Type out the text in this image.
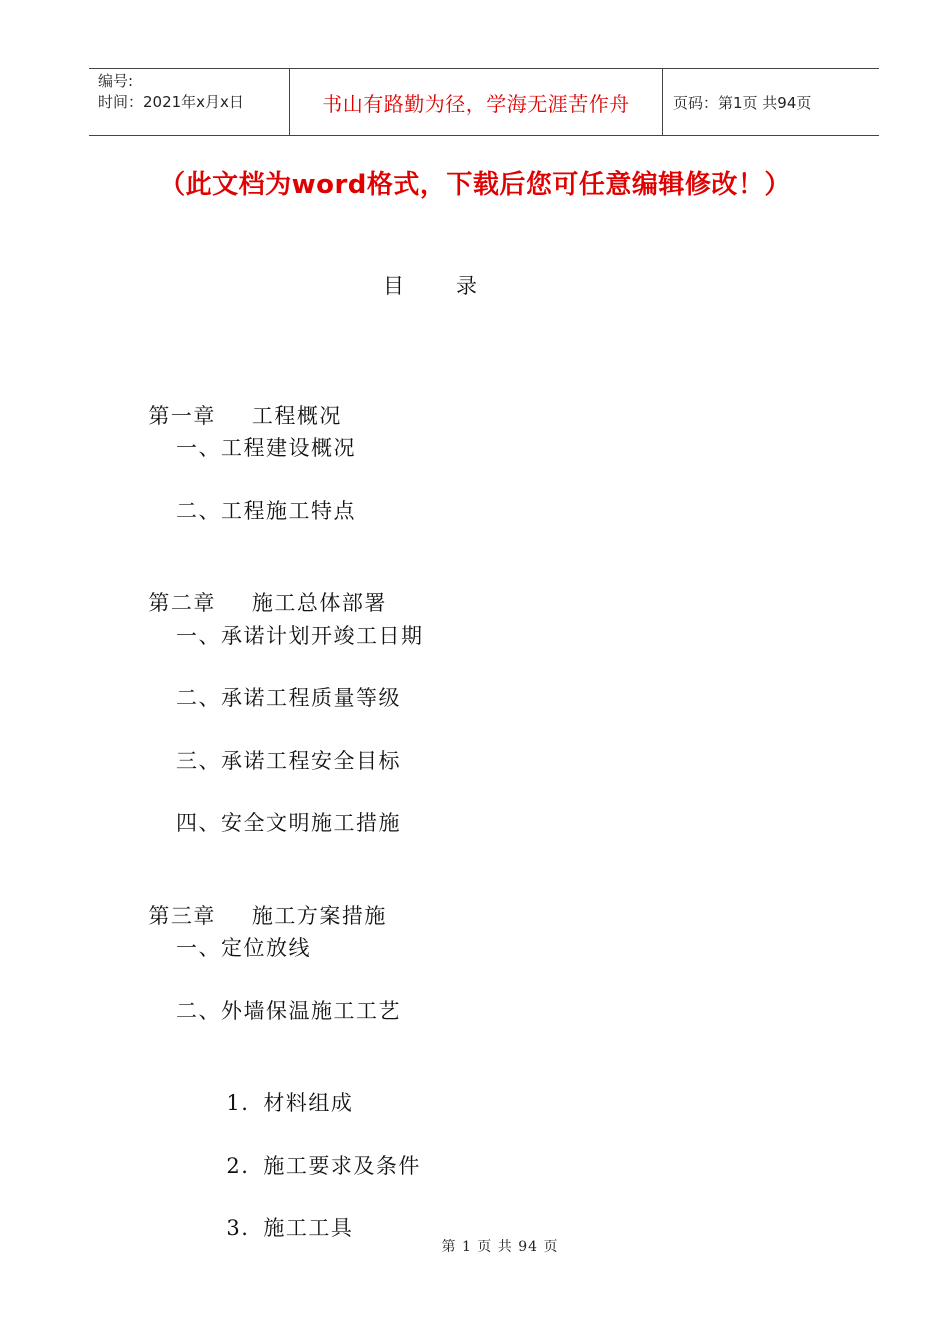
编号:
时间：2021年x月x日	书山有路勤为径，学海无涯苦作舟	页码：第1页 共94页
（此文档为word格式，下载后您可任意编辑修改！）
目 录

第一章 工程概况

一、工程建设概况
二、工程施工特点

第二章 施工总体部署

一、承诺计划开竣工日期
二、承诺工程质量等级
三、承诺工程安全目标
四、安全文明施工措施

第三章 施工方案措施

一、定位放线
二、外墙保温施工工艺

1. 材料组成

2. 施工要求及条件

3. 施工工具

第 1 页 共 94 页
